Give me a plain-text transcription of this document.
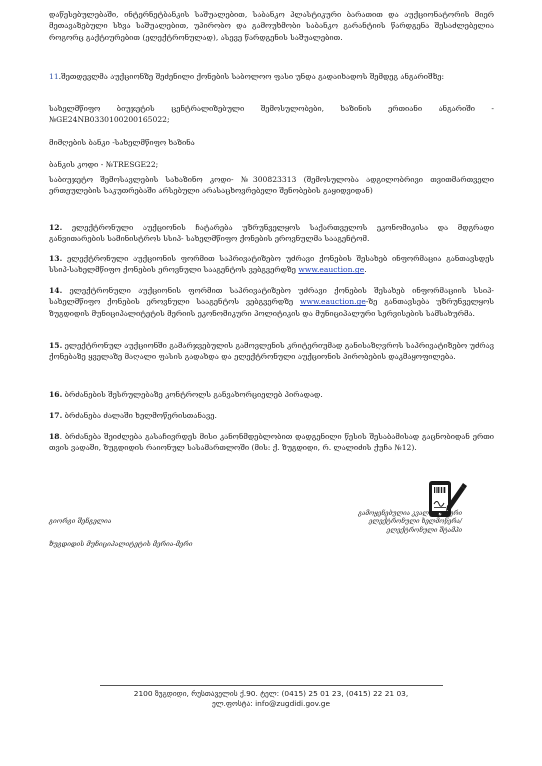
დაწესებულებაში, ინტერნეტბანკის საშუალებით, საბანკო პლასტიკური ბარათით და აუქციონატორის მიერ მეთავაზებული სხვა საშუალებით, უპირობო და გამოუხმობი საბანკო გარანტიის წარდგენა შესაძლებელია როგორც გაქტიურებით (ელექტრონულად), ასევე წარდგენის საშუალებით.

11.შეთდევლმა აუქციონზე შეძენილი ქონების საბოლოო ფასი უნდა გადაიხადოს შემდეგ ანგარიშზე:

სახელმწიფო ბიუჯეტის ცენტრალიზებული შემოსულობები, ხაზინის ერთიანი ანგარიში - №GE24NB0330100200165022;

მიმღების ბანკი -სახელმწიფო ხაზინა

ბანკის კოდი - №TRESGE22;

საბიუჯეტო შემოსავლების სახაზინო კოდი- №300823313 (შემოსულობა ადგილობრივი თვითმართველი ერთეულების საკუთრებაში არსებული არასაცხოვრებელი შენობების გაყიდვიდან)

12. ელექტრონული აუქციონის ჩატარება უზრუნველყოს საქართველოს ეკონომიკისა და მდგრადი განვითარების სამინისტროს სსიპ- სახელმწიფო ქონების ეროვნულმა სააგენტომ.

13. ელექტრონული აუქციონის ფორმით საპრივატიზებო უძრავი ქონების შესახებ ინფორმაცია განთავსდეს სსიპ-სახელმწიფო ქონების ეროვნული სააგენტოს ვებგვერდზე www.eauction.ge.

14. ელექტრონული აუქციონის ფორმით საპრივატიზებო უძრავი ქონების შესახებ ინფორმაციის სსიპ-სახელმწიფო ქონების ეროვნული სააგენტოს ვებგვერდზე www.eauction.ge-ზე განთავსება უზრუნველყოს ზუგდიდის მუნიციპალიტეტის მერიის ეკონომიკური პოლიტიკის და მუნიციპალური სერვისების სამსახურმა.

15. ელექტრონულ აუქციონში გამარჯვებულის გამოვლენის კრიტერიუმად განისაზღვროს საპრივატიზებო უძრავ ქონებაზე ყველაზე მაღალი ფასის გადახდა და ელექტრონული აუქციონის პირობების დაკმაყოფილება.

16. ბრძანების შესრულებაზე კონტროლს განვახორციელებ პირადად.

17. ბრძანება ძალაში ხელმოწერისთანავე.

18. ბრძანება შეიძლება გასაჩივრდეს მისი კანონმდებლობით დადგენილი წესის შესაბამისად გაცნობიდან ერთი თვის ვადაში, ზუგდიდის რაიონულ სასამართლოში (მის: ქ. ზუგდიდი, რ. ლალიძის ქუჩა №12).

გამოყენებულია კვალიფიციური
ელექტრონული ხელმოწერა/
ელექტრონული შტამპი
გიორგი შენგელია
ზუგდიდის მუნიციპალიტეტის მერია-მერი
2100 ზუგდიდი, რუსთაველის ქ.90. ტელ: (0415) 25 01 23, (0415) 22 21 03,
ელ.ფოსტა: info@zugdidi.gov.ge
